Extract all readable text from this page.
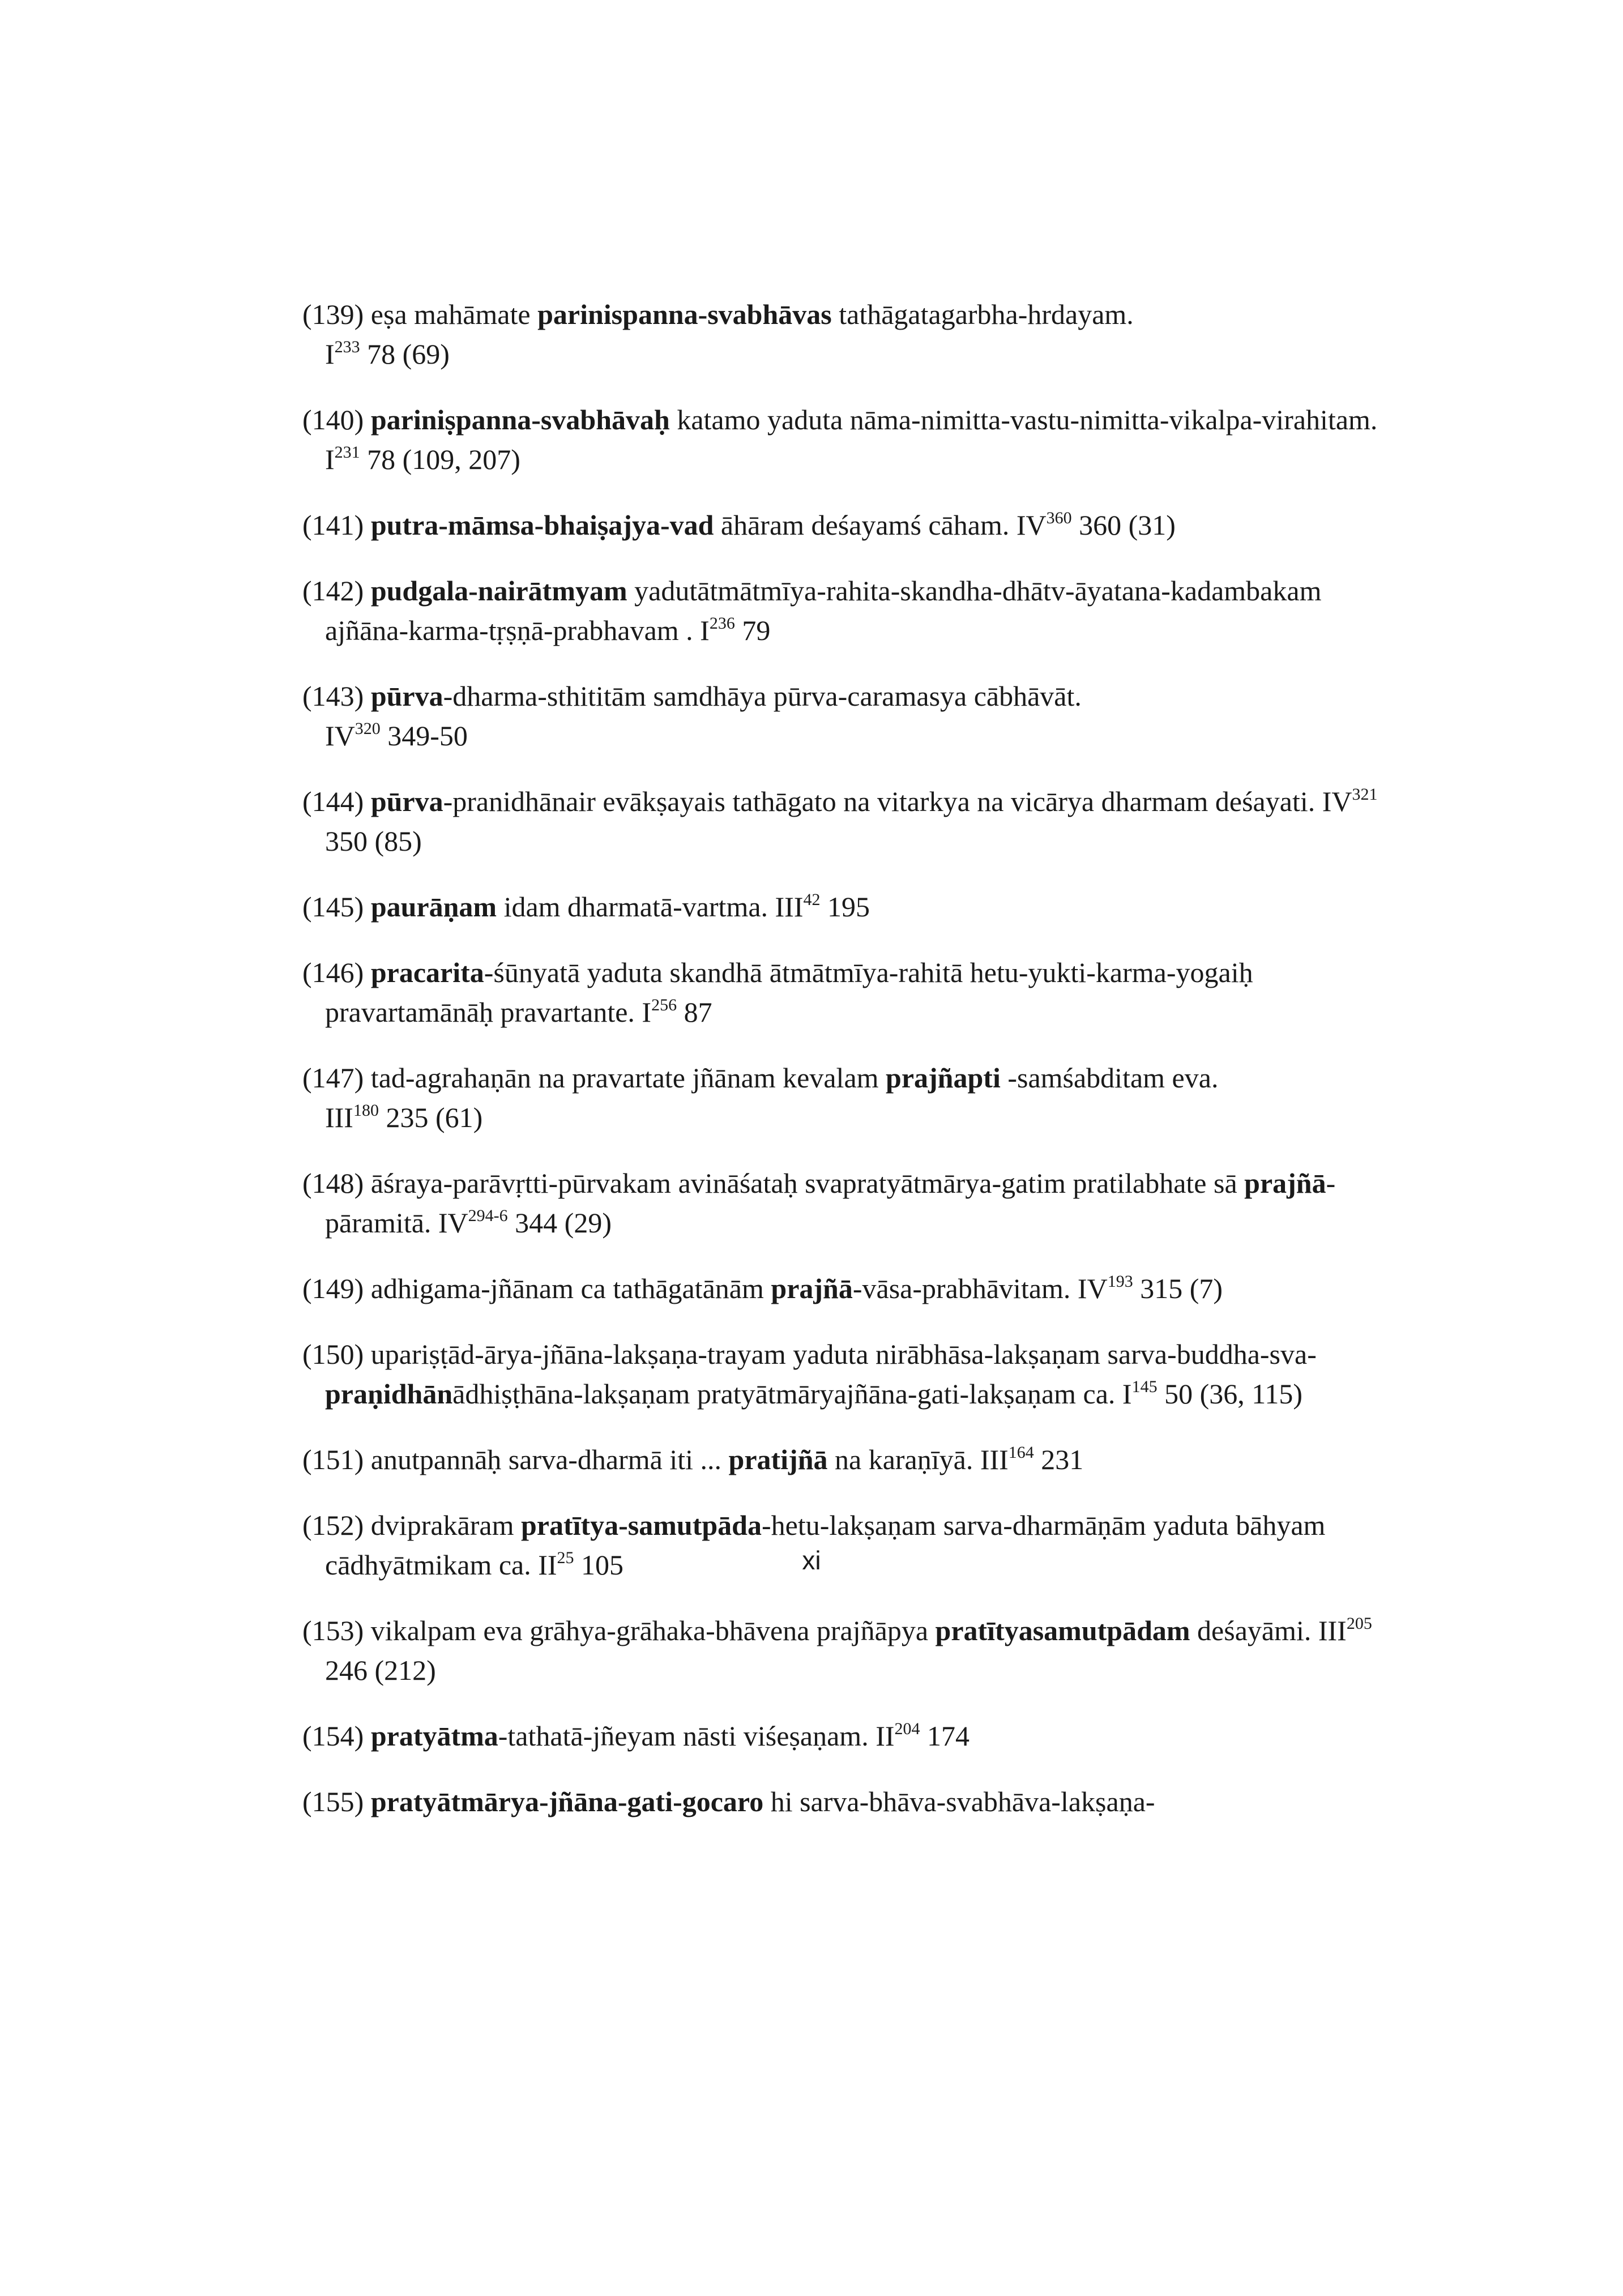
(139) eṣa mahāmate parinispanna-svabhāvas tathāgatagarbha-hrdayam.
$I^{233}$ 78 (69)
(140) pariniṣpanna-svabhāvaḥ katamo yaduta nāma-nimitta-vastu-nimitta-vikalpa-virahitam. $I^{231}$ 78 (109, 207)
(141) putra-māmsa-bhaiṣajya-vad āhāram deśayamś cāham. IV$^{360}$ 360 (31)
(142) pudgala-nairātmyam yadutātmātmīya-rahita-skandha-dhātv-āyatana-kadambakam ajñāna-karma-tṛṣṇā-prabhavam . $I^{236}$ 79
(143) pūrva-dharma-sthititām samdhāya pūrva-caramasya cābhāvāt.
IV$^{320}$ 349-50
(144) pūrva-pranidhānair evākṣayais tathāgato na vitarkya na vicārya dharmam deśayati. IV$^{321}$ 350 (85)
(145) paurāṇam idam dharmatā-vartma. III$^{42}$ 195
(146) pracarita-śūnyatā yaduta skandhā ātmātmīya-rahitā hetu-yukti-karma-yogaiḥ pravartamānāḥ pravartante. $I^{256}$ 87
(147) tad-agrahaṇān na pravartate jñānam kevalam prajñapti -samśabditam eva.
III$^{180}$ 235 (61)
(148) āśraya-parāvṛtti-pūrvakam avināśataḥ svapratyātmārya-gatim pratilabhate sā prajñā-pāramitā. IV$^{294-6}$ 344 (29)
(149) adhigama-jñānam ca tathāgatānām prajñā-vāsa-prabhāvitam. IV$^{193}$ 315 (7)
(150) upariṣṭād-ārya-jñāna-lakṣaṇa-trayam yaduta nirābhāsa-lakṣaṇam sarva-buddha-sva-praṇidhānādhiṣṭhāna-lakṣaṇam pratyātmāryajñāna-gati-lakṣaṇam ca. $I^{145}$ 50 (36, 115)
(151) anutpannāḥ sarva-dharmā iti ... pratijñā na karaṇīyā. III$^{164}$ 231
(152) dviprakāram pratītya-samutpāda-hetu-lakṣaṇam sarva-dharmāṇām yaduta bāhyam cādhyātmikam ca. II$^{25}$ 105
(153) vikalpam eva grāhya-grāhaka-bhāvena prajñāpya pratītyasamutpādam deśayāmi. III$^{205}$ 246 (212)
(154) pratyātma-tathatā-jñeyam nāsti viśeṣaṇam. II$^{204}$ 174
(155) pratyātmārya-jñāna-gati-gocaro hi sarva-bhāva-svabhāva-lakṣaṇa-
xi
